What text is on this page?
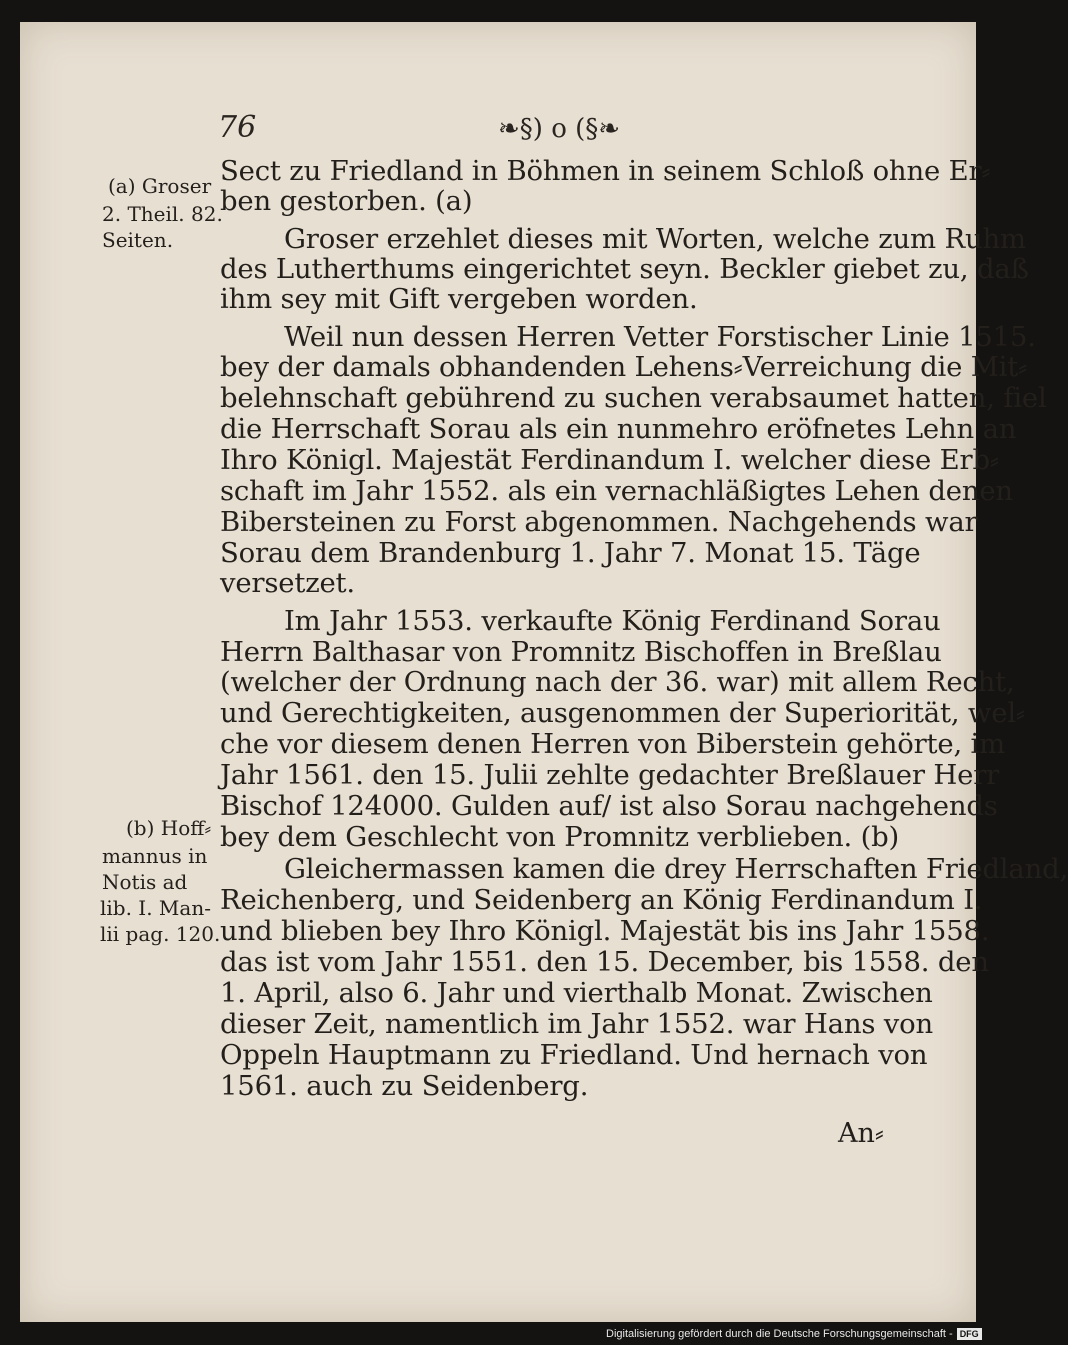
76	❧§) o (§❧
(a) Groser
2. Theil. 82.
Seiten.
(b) Hoff⸗
mannus in
Notis ad
lib. I. Man-
lii pag. 120.
Sect zu Friedland in Böhmen in seinem Schloß ohne Er⸗
ben gestorben. (a)
Groser erzehlet dieses mit Worten, welche zum Ruhm
des Lutherthums eingerichtet seyn. Beckler giebet zu, daß
ihm sey mit Gift vergeben worden.
Weil nun dessen Herren Vetter Forstischer Linie 1515.
bey der damals obhandenden Lehens⸗Verreichung die Mit⸗
belehnschaft gebührend zu suchen verabsaumet hatten, fiel
die Herrschaft Sorau als ein nunmehro eröfnetes Lehn an
Ihro Königl. Majestät Ferdinandum I. welcher diese Erb⸗
schaft im Jahr 1552. als ein vernachläßigtes Lehen denen
Bibersteinen zu Forst abgenommen. Nachgehends war
Sorau dem Brandenburg 1. Jahr 7. Monat 15. Täge
versetzet.
Im Jahr 1553. verkaufte König Ferdinand Sorau
Herrn Balthasar von Promnitz Bischoffen in Breßlau
(welcher der Ordnung nach der 36. war) mit allem Recht,
und Gerechtigkeiten, ausgenommen der Superiorität, wel⸗
che vor diesem denen Herren von Biberstein gehörte, im
Jahr 1561. den 15. Julii zehlte gedachter Breßlauer Herr
Bischof 124000. Gulden auf/ ist also Sorau nachgehends
bey dem Geschlecht von Promnitz verblieben. (b)
Gleichermassen kamen die drey Herrschaften Friedland,
Reichenberg, und Seidenberg an König Ferdinandum I.
und blieben bey Ihro Königl. Majestät bis ins Jahr 1558.
das ist vom Jahr 1551. den 15. December, bis 1558. den
1. April, also 6. Jahr und vierthalb Monat. Zwischen
dieser Zeit, namentlich im Jahr 1552. war Hans von
Oppeln Hauptmann zu Friedland. Und hernach von
1561. auch zu Seidenberg.
An⸗
Digitalisierung gefördert durch die Deutsche Forschungsgemeinschaft - DFG
